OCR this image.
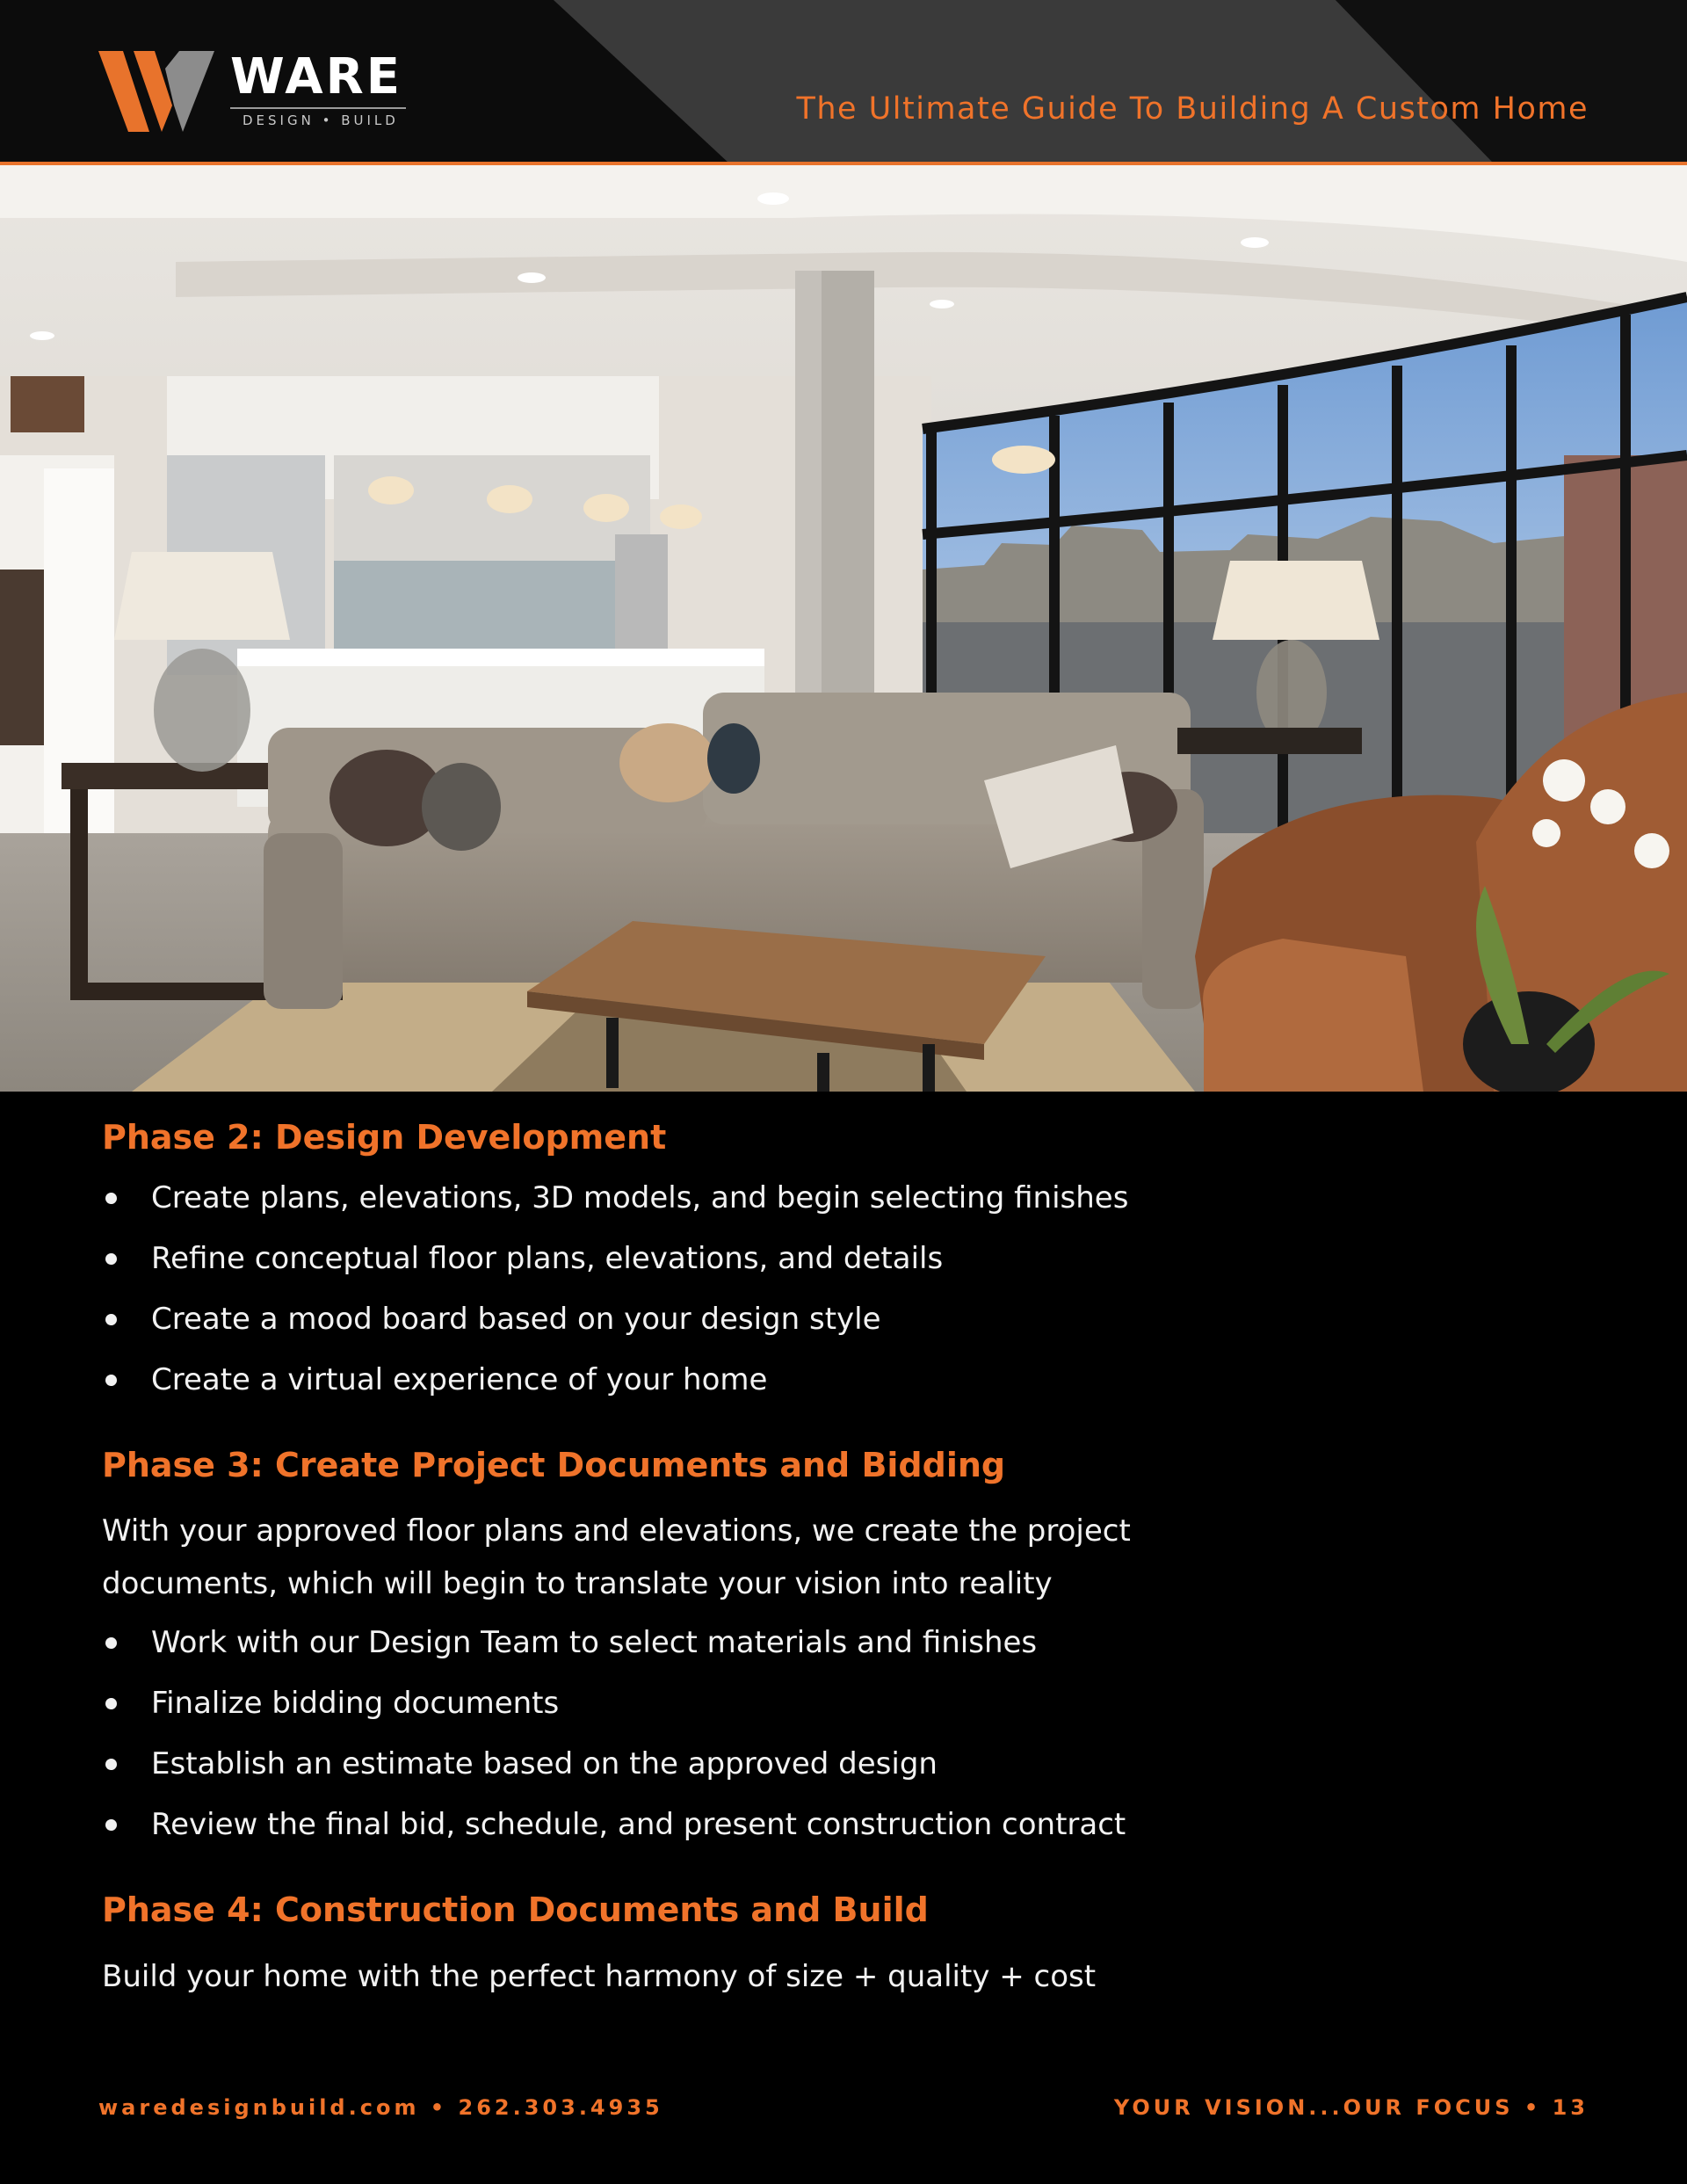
WARE
DESIGN • BUILD	The Ultimate Guide To Building A Custom Home
Phase 2: Design Development
Create plans, elevations, 3D models, and begin selecting finishes
Refine conceptual floor plans, elevations, and details
Create a mood board based on your design style
Create a virtual experience of your home
Phase 3: Create Project Documents and Bidding

With your approved floor plans and elevations, we create the project documents, which will begin to translate your vision into reality

Work with our Design Team to select materials and finishes
Finalize bidding documents
Establish an estimate based on the approved design
Review the final bid, schedule, and present construction contract
Phase 4: Construction Documents and Build

Build your home with the perfect harmony of size + quality + cost

waredesignbuild.com • 262.303.4935	YOUR VISION...OUR FOCUS • 13
